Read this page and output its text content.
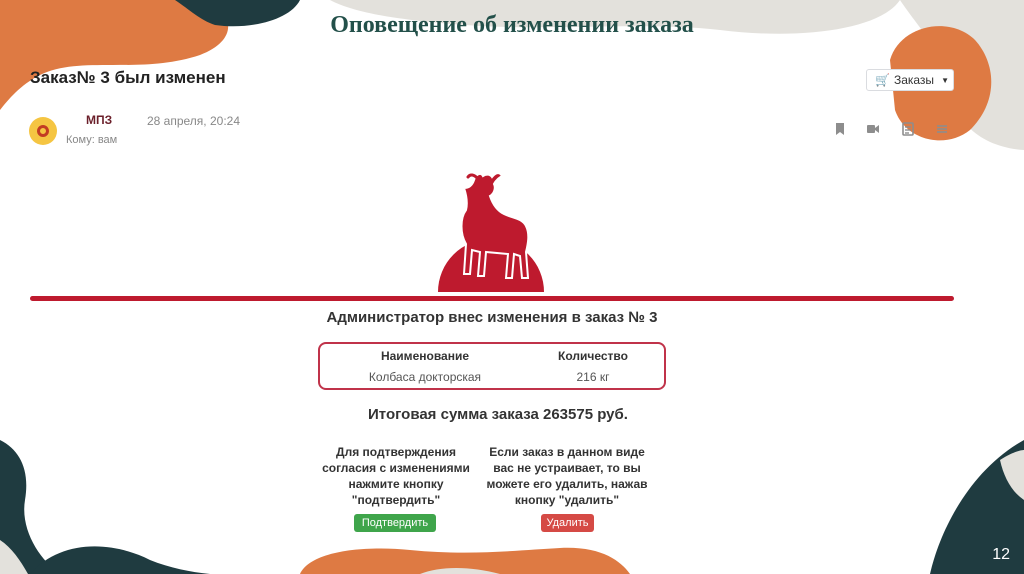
Оповещение об изменении заказа
Заказ№ 3 был изменен	🛒 Заказы ▼
МПЗ	28 апреля, 20:24
Кому: вам
Администратор внес изменения в заказ № 3
Наименование	Количество
Колбаса докторская	216 кг
Итоговая сумма заказа 263575 руб.
Для подтверждения согласия с изменениями нажмите кнопку "подтвердить"
Если заказ в данном виде вас не устраивает, то вы можете его удалить, нажав кнопку "удалить"
Подтвердить	Удалить
12
